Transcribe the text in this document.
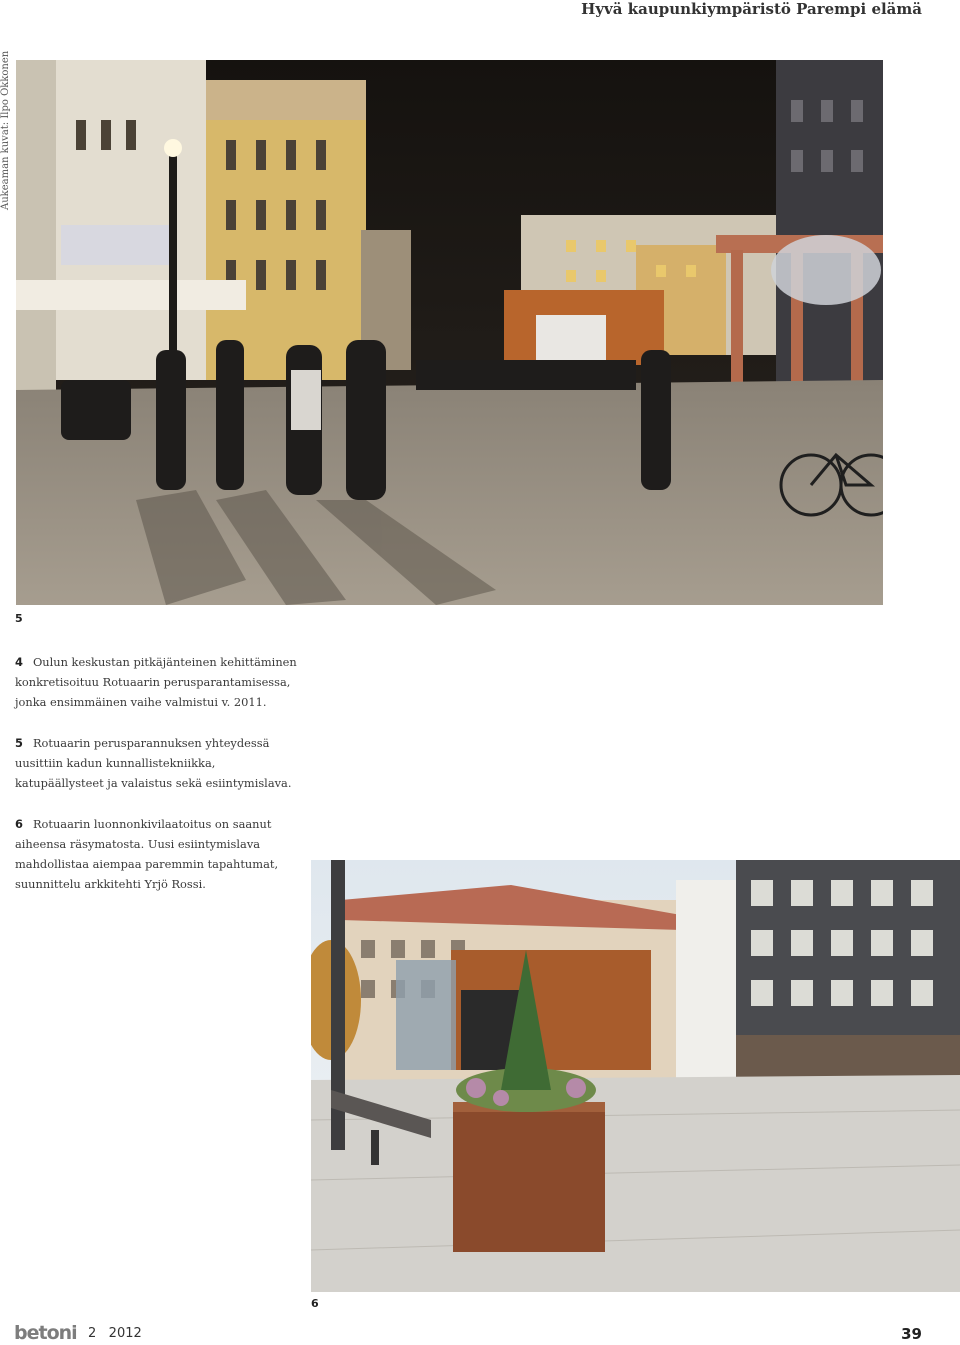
Hyvä kaupunkiympäristö Parempi elämä
Aukeaman kuvat: Ilpo Okkonen
5
4 Oulun keskustan pitkäjänteinen kehittäminen konkretisoituu Rotuaarin perusparantamisessa, jonka ensimmäinen vaihe valmistui v. 2011.
5 Rotuaarin perusparannuksen yhteydessä uusittiin kadun kunnallistekniikka, katupäällysteet ja valaistus sekä esiintymislava.
6 Rotuaarin luonnonkivilaatoitus on saanut aiheensa räsymatosta. Uusi esiintymislava mahdollistaa aiempaa paremmin tapahtumat, suunnittelu arkkitehti Yrjö Rossi.
6
betoni 2   2012	39
